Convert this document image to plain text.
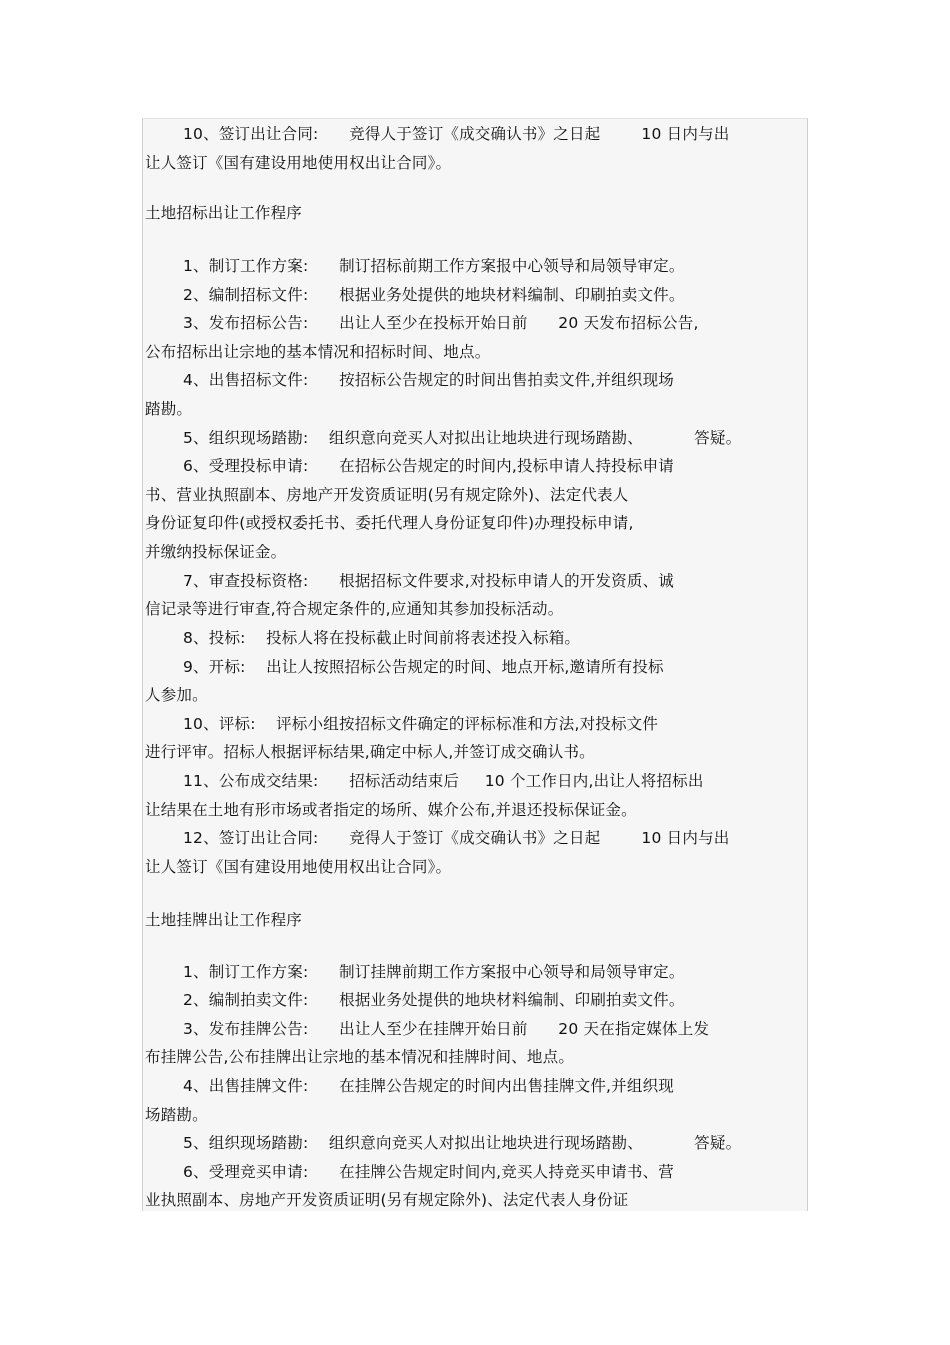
10、签订出让合同:      竞得人于签订《成交确认书》之日起        10 日内与出
让人签订《国有建设用地使用权出让合同》。
土地招标出让工作程序
1、制订工作方案:      制订招标前期工作方案报中心领导和局领导审定。
2、编制招标文件:      根据业务处提供的地块材料编制、印刷拍卖文件。
3、发布招标公告:      出让人至少在投标开始日前      20 天发布招标公告,
公布招标出让宗地的基本情况和招标时间、地点。
4、出售招标文件:      按招标公告规定的时间出售拍卖文件,并组织现场
踏勘。
5、组织现场踏勘:    组织意向竞买人对拟出让地块进行现场踏勘、          答疑。
6、受理投标申请:      在招标公告规定的时间内,投标申请人持投标申请
书、营业执照副本、房地产开发资质证明(另有规定除外)、法定代表人
身份证复印件(或授权委托书、委托代理人身份证复印件)办理投标申请,
并缴纳投标保证金。
7、审查投标资格:      根据招标文件要求,对投标申请人的开发资质、诚
信记录等进行审查,符合规定条件的,应通知其参加投标活动。
8、投标:    投标人将在投标截止时间前将表述投入标箱。
9、开标:    出让人按照招标公告规定的时间、地点开标,邀请所有投标
人参加。
10、评标:    评标小组按招标文件确定的评标标准和方法,对投标文件
进行评审。招标人根据评标结果,确定中标人,并签订成交确认书。
11、公布成交结果:      招标活动结束后     10 个工作日内,出让人将招标出
让结果在土地有形市场或者指定的场所、媒介公布,并退还投标保证金。
12、签订出让合同:      竞得人于签订《成交确认书》之日起        10 日内与出
让人签订《国有建设用地使用权出让合同》。
土地挂牌出让工作程序
1、制订工作方案:      制订挂牌前期工作方案报中心领导和局领导审定。
2、编制拍卖文件:      根据业务处提供的地块材料编制、印刷拍卖文件。
3、发布挂牌公告:      出让人至少在挂牌开始日前      20 天在指定媒体上发
布挂牌公告,公布挂牌出让宗地的基本情况和挂牌时间、地点。
4、出售挂牌文件:      在挂牌公告规定的时间内出售挂牌文件,并组织现
场踏勘。
5、组织现场踏勘:    组织意向竞买人对拟出让地块进行现场踏勘、          答疑。
6、受理竞买申请:      在挂牌公告规定时间内,竞买人持竞买申请书、营
业执照副本、房地产开发资质证明(另有规定除外)、法定代表人身份证
